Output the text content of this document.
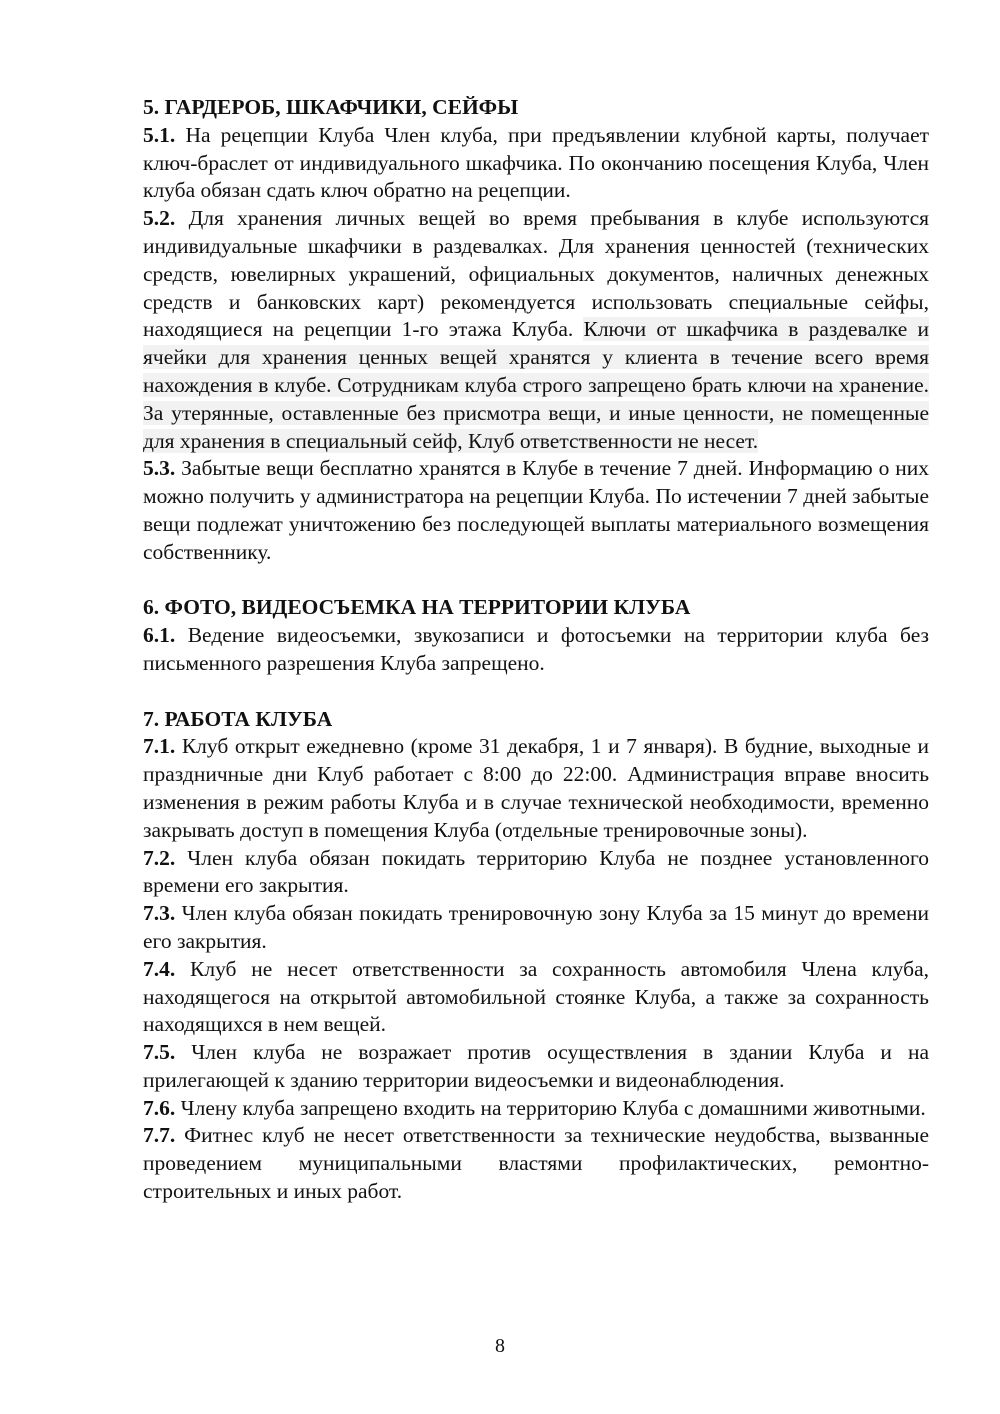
5. ГАРДЕРОБ, ШКАФЧИКИ, СЕЙФЫ

5.1. На рецепции Клуба Член клуба, при предъявлении клубной карты, получает ключ-браслет от индивидуального шкафчика. По окончанию посещения Клуба, Член клуба обязан сдать ключ обратно на рецепции.

5.2. Для хранения личных вещей во время пребывания в клубе используются индивидуальные шкафчики в раздевалках. Для хранения ценностей (технических средств, ювелирных украшений, официальных документов, наличных денежных средств и банковских карт) рекомендуется использовать специальные сейфы, находящиеся на рецепции 1-го этажа Клуба. Ключи от шкафчика в раздевалке и ячейки для хранения ценных вещей хранятся у клиента в течение всего время нахождения в клубе. Сотрудникам клуба строго запрещено брать ключи на хранение. За утерянные, оставленные без присмотра вещи, и иные ценности, не помещенные для хранения в специальный сейф, Клуб ответственности не несет.

5.3. Забытые вещи бесплатно хранятся в Клубе в течение 7 дней. Информацию о них можно получить у администратора на рецепции Клуба. По истечении 7 дней забытые вещи подлежат уничтожению без последующей выплаты материального возмещения собственнику.

6. ФОТО, ВИДЕОСЪЕМКА НА ТЕРРИТОРИИ КЛУБА

6.1. Ведение видеосъемки, звукозаписи и фотосъемки на территории клуба без письменного разрешения Клуба запрещено.

7. РАБОТА КЛУБА

7.1. Клуб открыт ежедневно (кроме 31 декабря, 1 и 7 января). В будние, выходные и праздничные дни Клуб работает с 8:00 до 22:00. Администрация вправе вносить изменения в режим работы Клуба и в случае технической необходимости, временно закрывать доступ в помещения Клуба (отдельные тренировочные зоны).

7.2. Член клуба обязан покидать территорию Клуба не позднее установленного времени его закрытия.

7.3. Член клуба обязан покидать тренировочную зону Клуба за 15 минут до времени его закрытия.

7.4. Клуб не несет ответственности за сохранность автомобиля Члена клуба, находящегося на открытой автомобильной стоянке Клуба, а также за сохранность находящихся в нем вещей.

7.5. Член клуба не возражает против осуществления в здании Клуба и на прилегающей к зданию территории видеосъемки и видеонаблюдения.

7.6. Члену клуба запрещено входить на территорию Клуба с домашними животными.

7.7. Фитнес клуб не несет ответственности за технические неудобства, вызванные проведением муниципальными властями профилактических, ремонтно-строительных и иных работ.

8
